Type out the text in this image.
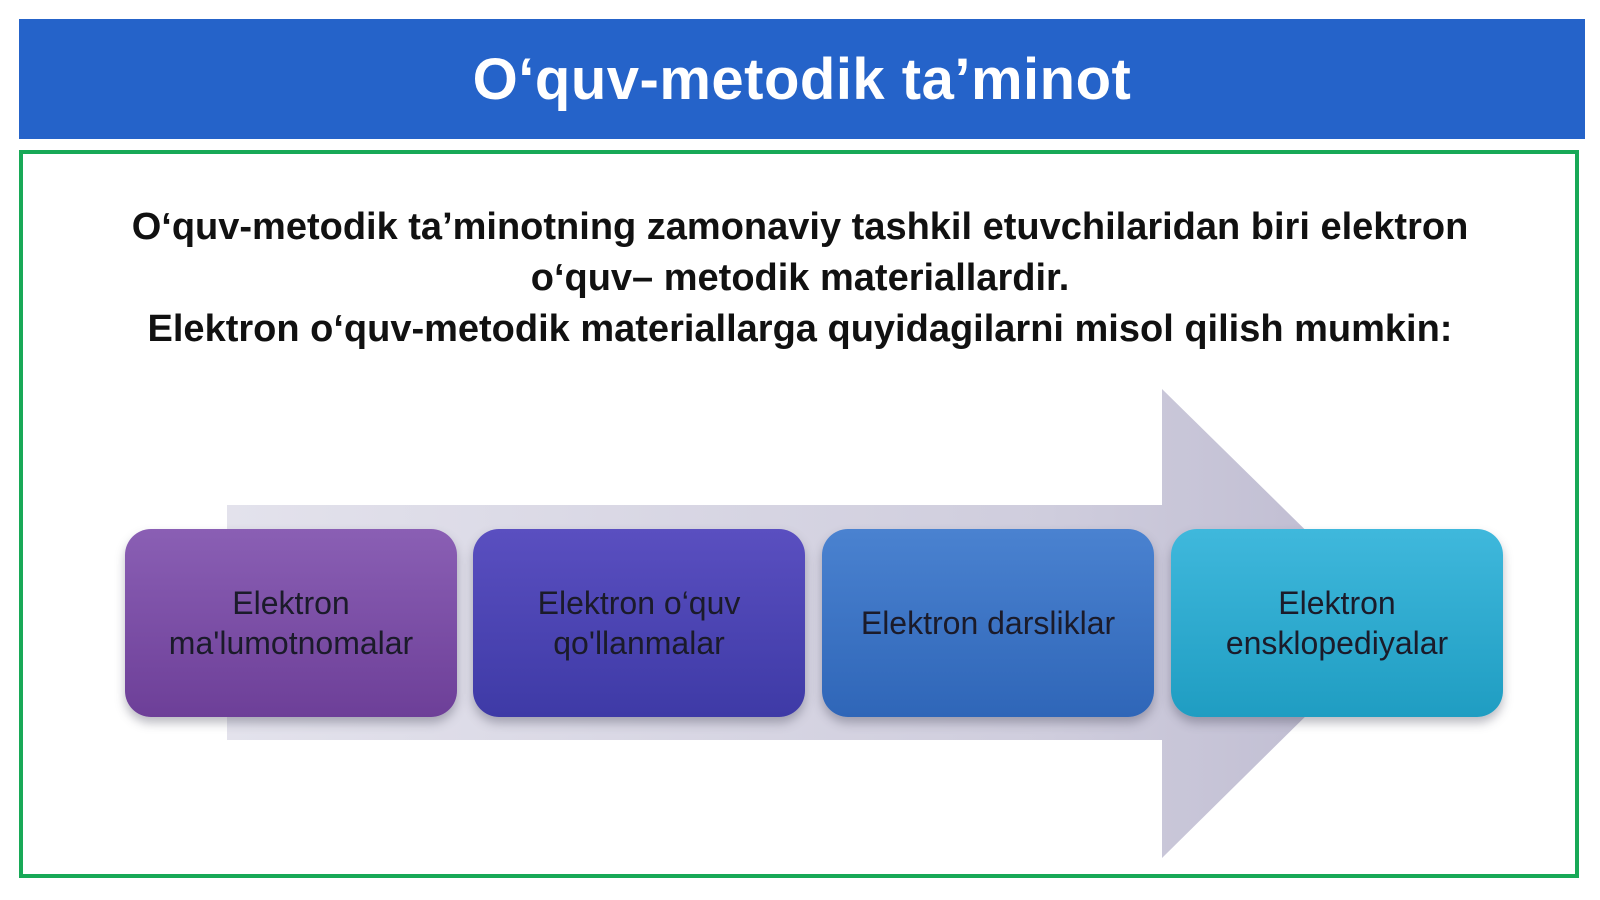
O‘quv-metodik ta’minot
O‘quv-metodik ta’minotning zamonaviy tashkil etuvchilaridan biri elektron
o‘quv– metodik materiallardir.
Elektron o‘quv-metodik materiallarga quyidagilarni misol qilish mumkin:
Elektron ma'lumotnomalar
Elektron o‘quv qo'llanmalar
Elektron darsliklar
Elektron ensklopediyalar
